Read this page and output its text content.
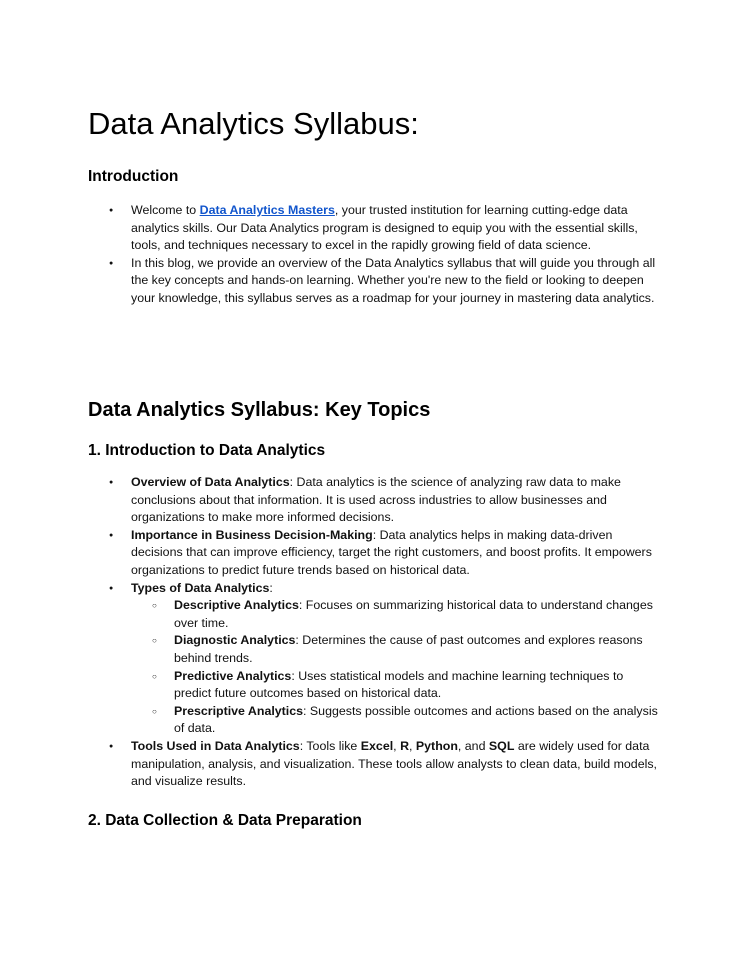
Data Analytics Syllabus:
Introduction
● Welcome to Data Analytics Masters, your trusted institution for learning cutting-edge data analytics skills. Our Data Analytics program is designed to equip you with the essential skills, tools, and techniques necessary to excel in the rapidly growing field of data science.
● In this blog, we provide an overview of the Data Analytics syllabus that will guide you through all the key concepts and hands-on learning. Whether you're new to the field or looking to deepen your knowledge, this syllabus serves as a roadmap for your journey in mastering data analytics.
Data Analytics Syllabus: Key Topics
1. Introduction to Data Analytics
● Overview of Data Analytics: Data analytics is the science of analyzing raw data to make conclusions about that information. It is used across industries to allow businesses and organizations to make more informed decisions.
● Importance in Business Decision-Making: Data analytics helps in making data-driven decisions that can improve efficiency, target the right customers, and boost profits. It empowers organizations to predict future trends based on historical data.
● Types of Data Analytics:
○ Descriptive Analytics: Focuses on summarizing historical data to understand changes over time.
○ Diagnostic Analytics: Determines the cause of past outcomes and explores reasons behind trends.
○ Predictive Analytics: Uses statistical models and machine learning techniques to predict future outcomes based on historical data.
○ Prescriptive Analytics: Suggests possible outcomes and actions based on the analysis of data.
● Tools Used in Data Analytics: Tools like Excel, R, Python, and SQL are widely used for data manipulation, analysis, and visualization. These tools allow analysts to clean data, build models, and visualize results.
2. Data Collection & Data Preparation
